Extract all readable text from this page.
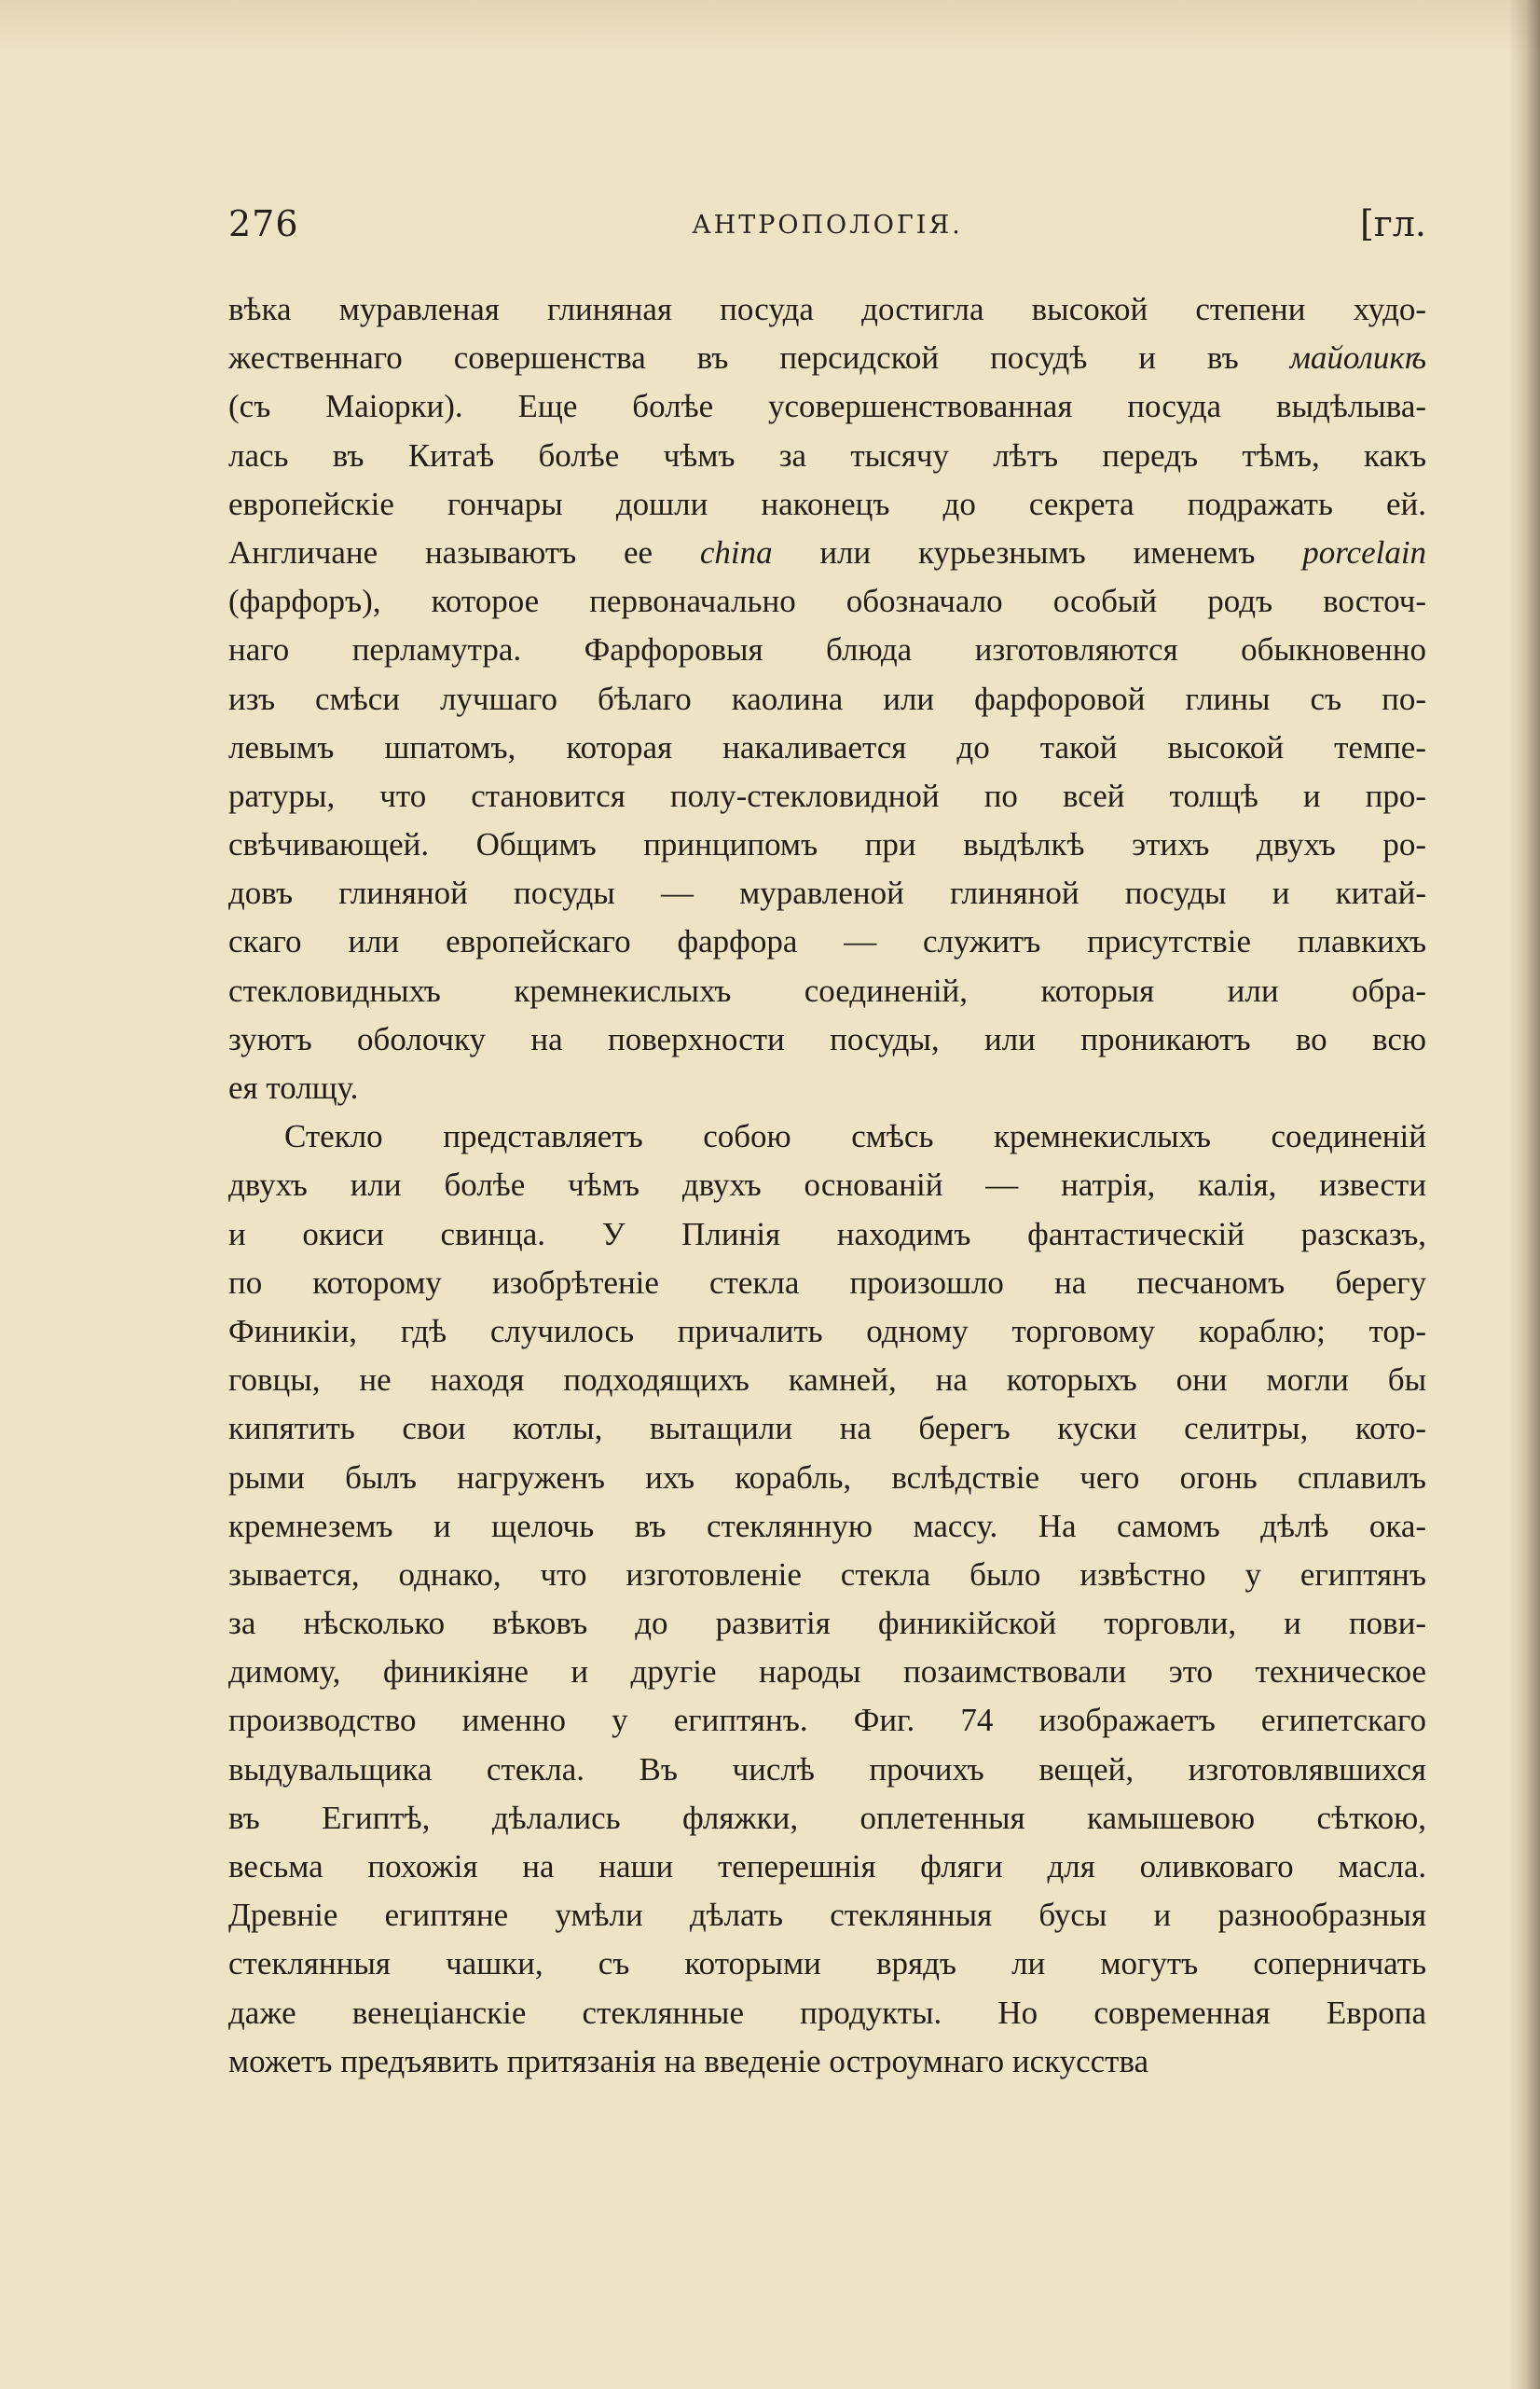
276	АНТРОПОЛОГІЯ.	[гл.
вѣка муравленая глиняная посуда достигла высокой степени худо-
жественнаго совершенства въ персидской посудѣ и въ майоликѣ
(съ Маіорки). Еще болѣе усовершенствованная посуда выдѣлыва-
лась въ Китаѣ болѣе чѣмъ за тысячу лѣтъ передъ тѣмъ, какъ
европейскіе гончары дошли наконецъ до секрета подражать ей.
Англичане называютъ ее china или курьезнымъ именемъ porcelain
(фарфоръ), которое первоначально обозначало особый родъ восточ-
наго перламутра. Фарфоровыя блюда изготовляются обыкновенно
изъ смѣси лучшаго бѣлаго каолина или фарфоровой глины съ по-
левымъ шпатомъ, которая накаливается до такой высокой темпе-
ратуры, что становится полу-стекловидной по всей толщѣ и про-
свѣчивающей. Общимъ принципомъ при выдѣлкѣ этихъ двухъ ро-
довъ глиняной посуды — муравленой глиняной посуды и китай-
скаго или европейскаго фарфора — служитъ присутствіе плавкихъ
стекловидныхъ кремнекислыхъ соединеній, которыя или обра-
зуютъ оболочку на поверхности посуды, или проникаютъ во всю
ея толщу.
Стекло представляетъ собою смѣсь кремнекислыхъ соединеній
двухъ или болѣе чѣмъ двухъ основаній — натрія, калія, извести
и окиси свинца. У Плинія находимъ фантастическій разсказъ,
по которому изобрѣтеніе стекла произошло на песчаномъ берегу
Финикіи, гдѣ случилось причалить одному торговому кораблю; тор-
говцы, не находя подходящихъ камней, на которыхъ они могли бы
кипятить свои котлы, вытащили на берегъ куски селитры, кото-
рыми былъ нагруженъ ихъ корабль, вслѣдствіе чего огонь сплавилъ
кремнеземъ и щелочь въ стеклянную массу. На самомъ дѣлѣ ока-
зывается, однако, что изготовленіе стекла было извѣстно у египтянъ
за нѣсколько вѣковъ до развитія финикійской торговли, и пови-
димому, финикіяне и другіе народы позаимствовали это техническое
производство именно у египтянъ. Фиг. 74 изображаетъ египетскаго
выдувальщика стекла. Въ числѣ прочихъ вещей, изготовлявшихся
въ Египтѣ, дѣлались фляжки, оплетенныя камышевою сѣткою,
весьма похожія на наши теперешнія фляги для оливковаго масла.
Древніе египтяне умѣли дѣлать стеклянныя бусы и разнообразныя
стеклянныя чашки, съ которыми врядъ ли могутъ соперничать
даже венеціанскіе стеклянные продукты. Но современная Европа
можетъ предъявить притязанія на введеніе остроумнаго искусства
